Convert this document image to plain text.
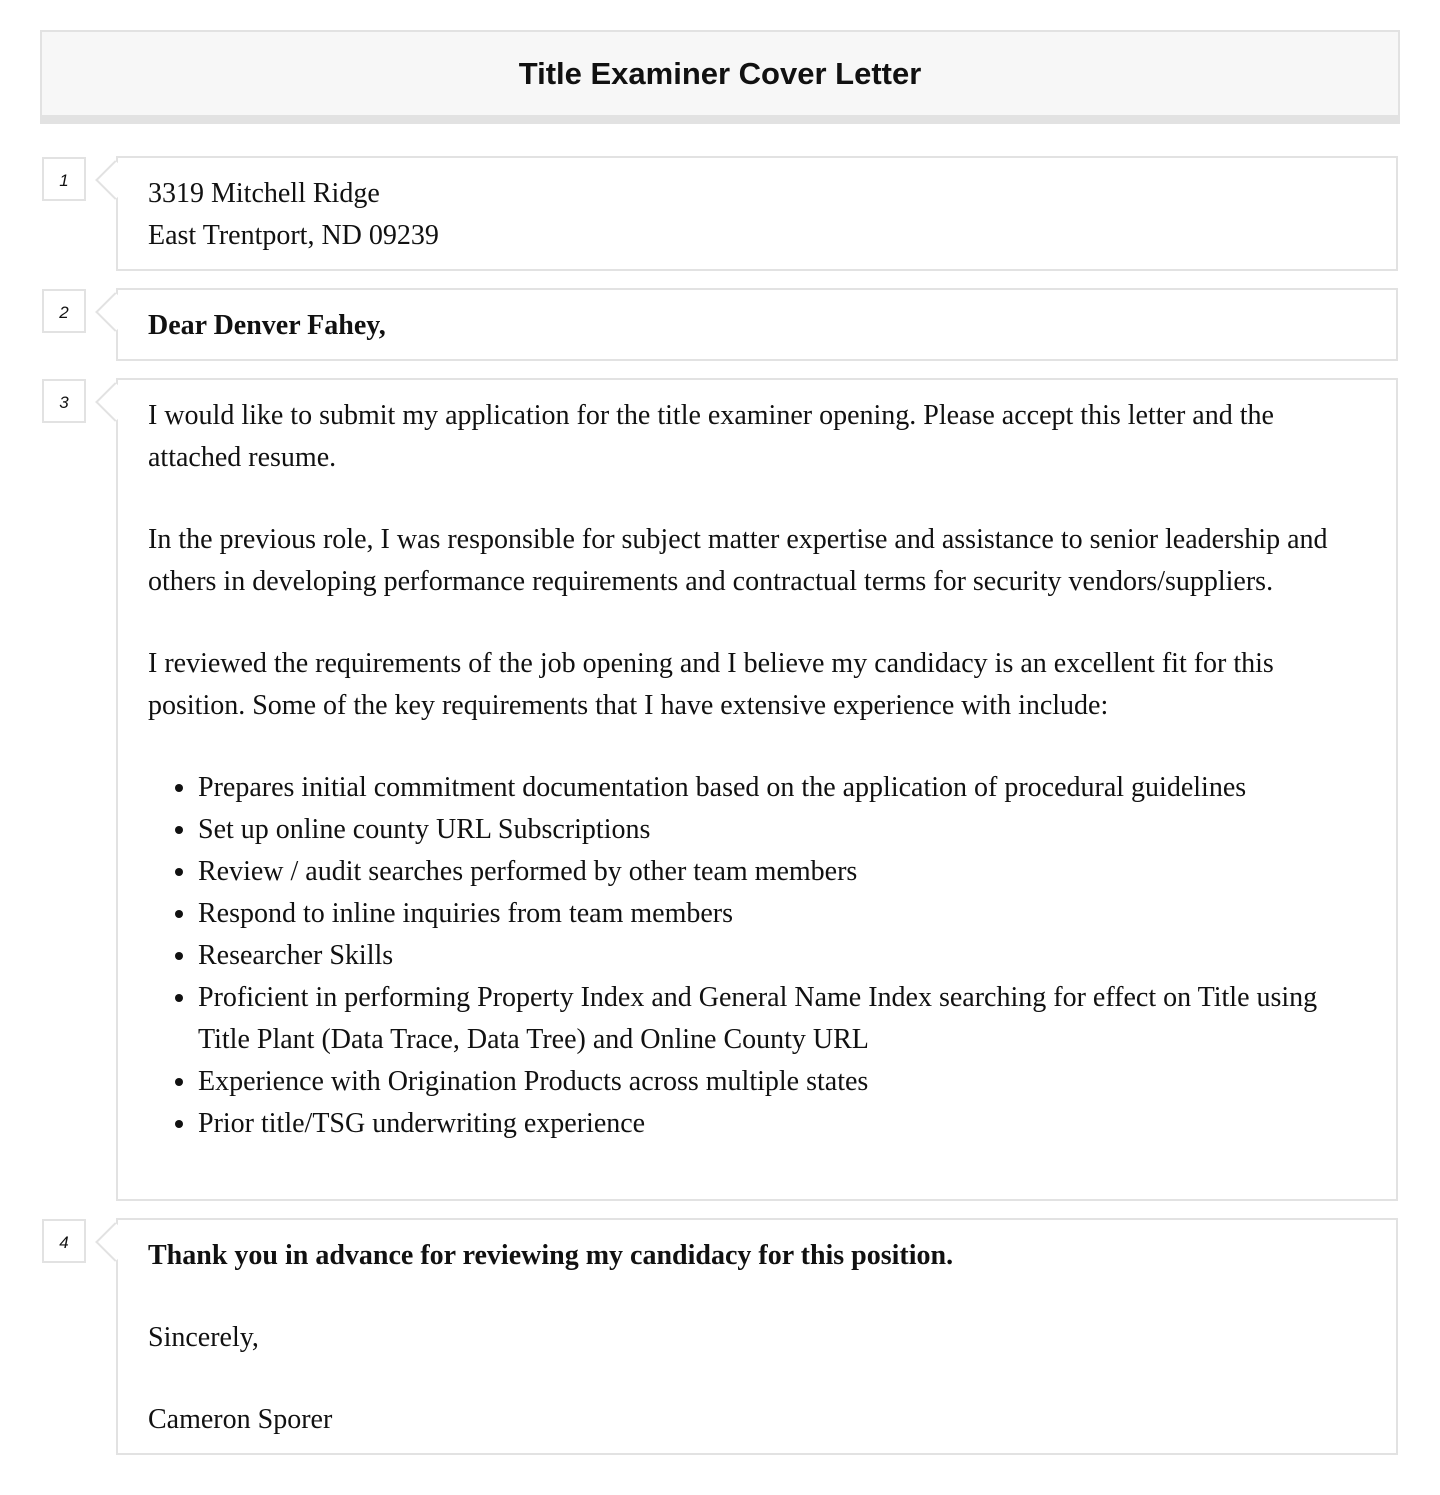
Title Examiner Cover Letter
1	3319 Mitchell Ridge

East Trentport, ND 09239

2	Dear Denver Fahey,

3	I would like to submit my application for the title examiner opening. Please accept this letter and the attached resume.

In the previous role, I was responsible for subject matter expertise and assistance to senior leadership and others in developing performance requirements and contractual terms for security vendors/suppliers.

I reviewed the requirements of the job opening and I believe my candidacy is an excellent fit for this position. Some of the key requirements that I have extensive experience with include:

• Prepares initial commitment documentation based on the application of procedural guidelines
• Set up online county URL Subscriptions
• Review / audit searches performed by other team members
• Respond to inline inquiries from team members
• Researcher Skills
• Proficient in performing Property Index and General Name Index searching for effect on Title using Title Plant (Data Trace, Data Tree) and Online County URL
• Experience with Origination Products across multiple states
• Prior title/TSG underwriting experience
4	Thank you in advance for reviewing my candidacy for this position.

Sincerely,

Cameron Sporer
